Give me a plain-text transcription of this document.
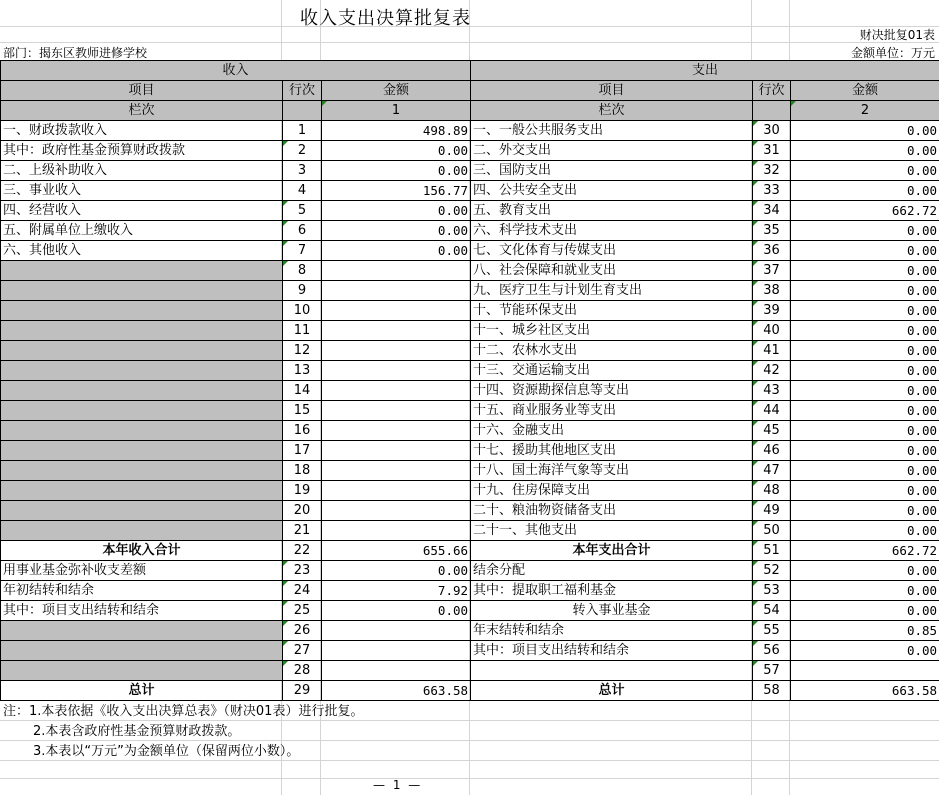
收入支出决算批复表
财决批复01表
部门：揭东区教师进修学校	金额单位：万元
收入			支出		
项目	行次	金额	项目	行次	金额
栏次		1	栏次		2
一、财政拨款收入	1	498.89	一、一般公共服务支出	30	0.00
其中：政府性基金预算财政拨款	2	0.00	二、外交支出	31	0.00
二、上级补助收入	3	0.00	三、国防支出	32	0.00
三、事业收入	4	156.77	四、公共安全支出	33	0.00
四、经营收入	5	0.00	五、教育支出	34	662.72
五、附属单位上缴收入	6	0.00	六、科学技术支出	35	0.00
六、其他收入	7	0.00	七、文化体育与传媒支出	36	0.00
	8		八、社会保障和就业支出	37	0.00
	9		九、医疗卫生与计划生育支出	38	0.00
	10		十、节能环保支出	39	0.00
	11		十一、城乡社区支出	40	0.00
	12		十二、农林水支出	41	0.00
	13		十三、交通运输支出	42	0.00
	14		十四、资源勘探信息等支出	43	0.00
	15		十五、商业服务业等支出	44	0.00
	16		十六、金融支出	45	0.00
	17		十七、援助其他地区支出	46	0.00
	18		十八、国土海洋气象等支出	47	0.00
	19		十九、住房保障支出	48	0.00
	20		二十、粮油物资储备支出	49	0.00
	21		二十一、其他支出	50	0.00
本年收入合计	22	655.66	本年支出合计	51	662.72
用事业基金弥补收支差额	23	0.00	结余分配	52	0.00
年初结转和结余	24	7.92	其中：提取职工福利基金	53	0.00
其中：项目支出结转和结余	25	0.00	转入事业基金	54	0.00
	26		年末结转和结余	55	0.85
	27		其中：项目支出结转和结余	56	0.00
	28			57	
总计	29	663.58	总计	58	663.58
注：1.本表依据《收入支出决算总表》（财决01表）进行批复。
2.本表含政府性基金预算财政拨款。
3.本表以“万元”为金额单位（保留两位小数）。
— 1 —
